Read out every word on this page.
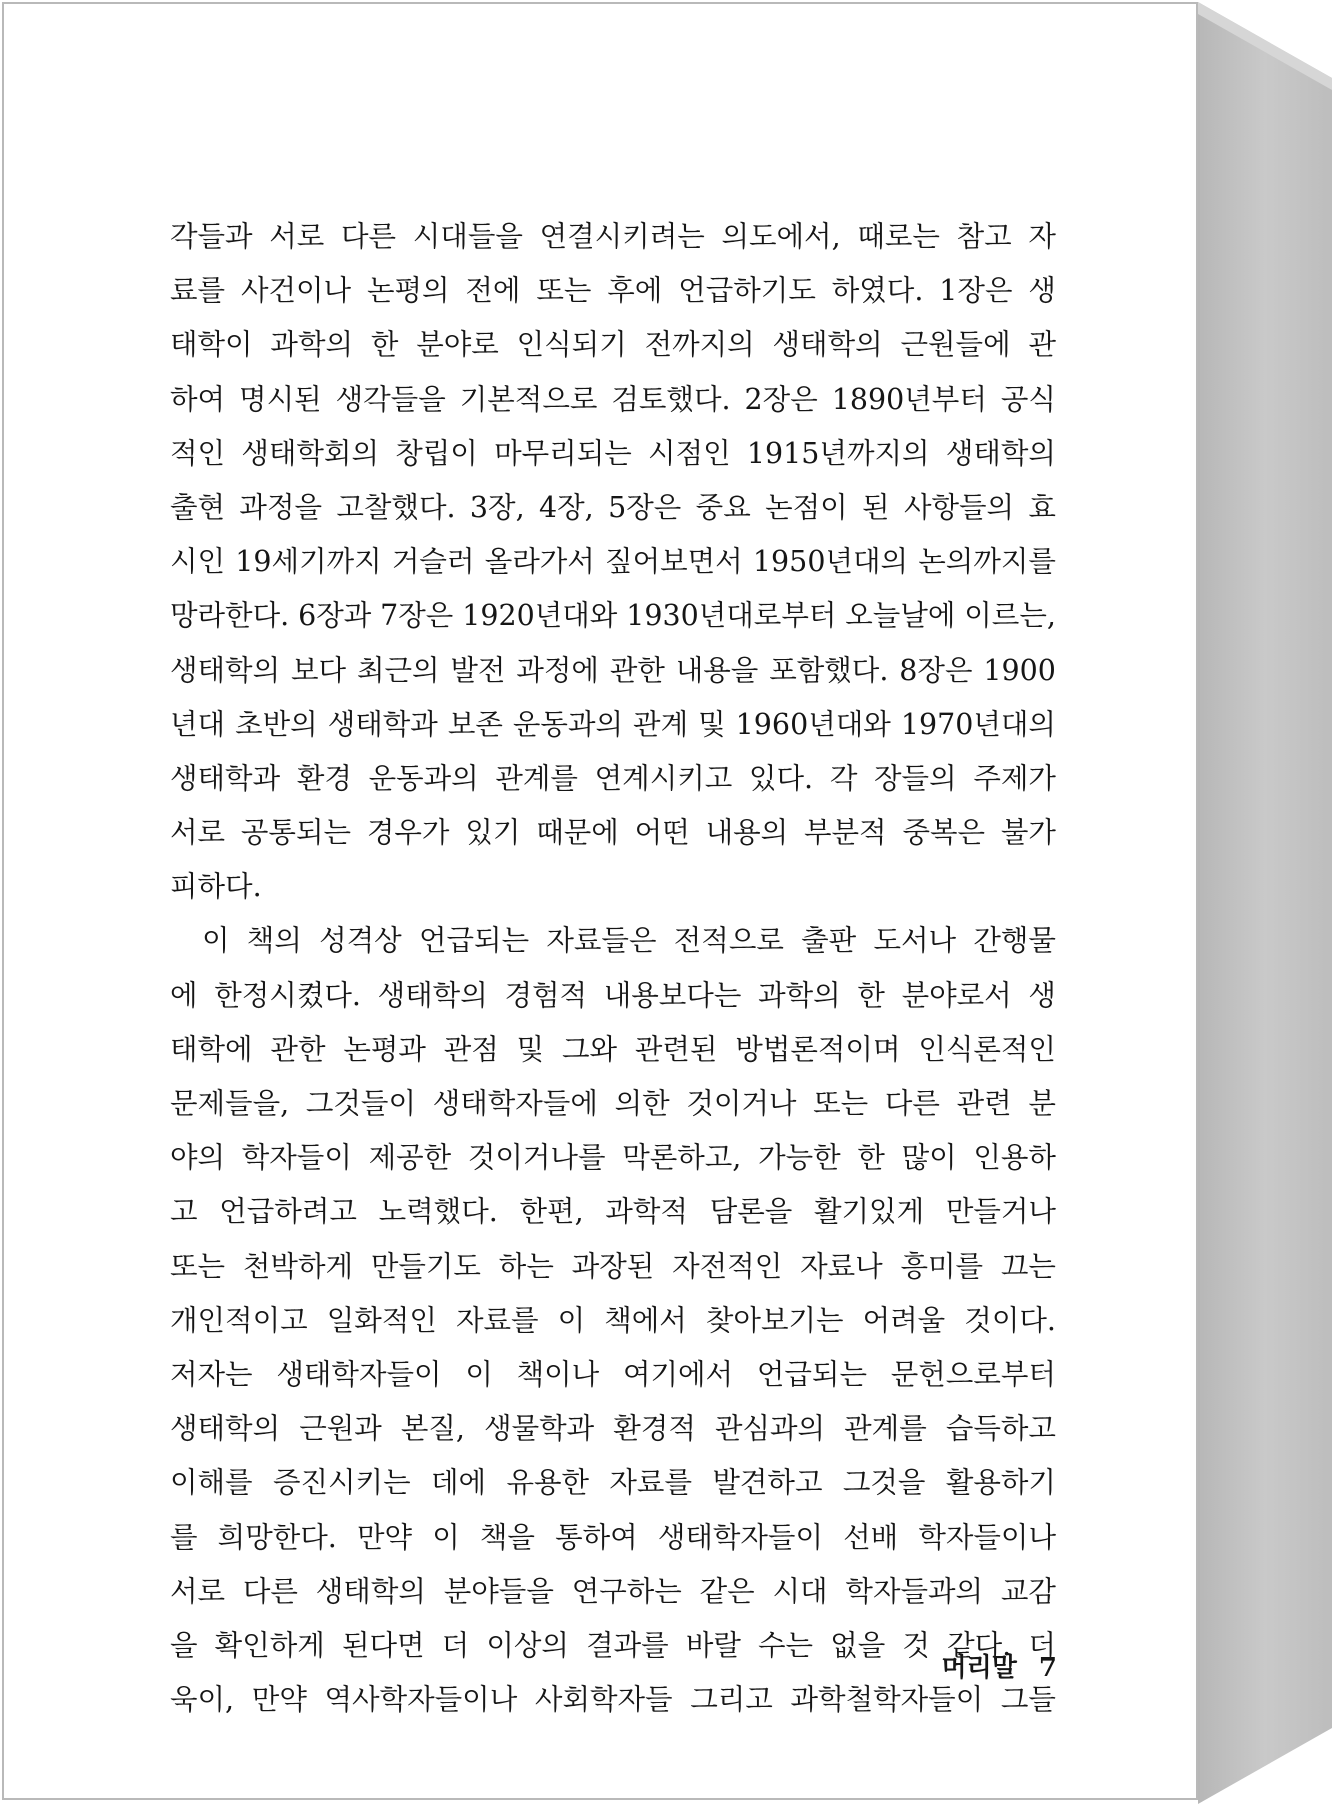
각들과 서로 다른 시대들을 연결시키려는 의도에서, 때로는 참고 자
료를 사건이나 논평의 전에 또는 후에 언급하기도 하였다. 1장은 생
태학이 과학의 한 분야로 인식되기 전까지의 생태학의 근원들에 관
하여 명시된 생각들을 기본적으로 검토했다. 2장은 1890년부터 공식
적인 생태학회의 창립이 마무리되는 시점인 1915년까지의 생태학의
출현 과정을 고찰했다. 3장, 4장, 5장은 중요 논점이 된 사항들의 효
시인 19세기까지 거슬러 올라가서 짚어보면서 1950년대의 논의까지를
망라한다. 6장과 7장은 1920년대와 1930년대로부터 오늘날에 이르는,
생태학의 보다 최근의 발전 과정에 관한 내용을 포함했다. 8장은 1900
년대 초반의 생태학과 보존 운동과의 관계 및 1960년대와 1970년대의
생태학과 환경 운동과의 관계를 연계시키고 있다. 각 장들의 주제가
서로 공통되는 경우가 있기 때문에 어떤 내용의 부분적 중복은 불가
피하다.
이 책의 성격상 언급되는 자료들은 전적으로 출판 도서나 간행물
에 한정시켰다. 생태학의 경험적 내용보다는 과학의 한 분야로서 생
태학에 관한 논평과 관점 및 그와 관련된 방법론적이며 인식론적인
문제들을, 그것들이 생태학자들에 의한 것이거나 또는 다른 관련 분
야의 학자들이 제공한 것이거나를 막론하고, 가능한 한 많이 인용하
고 언급하려고 노력했다. 한편, 과학적 담론을 활기있게 만들거나
또는 천박하게 만들기도 하는 과장된 자전적인 자료나 흥미를 끄는
개인적이고 일화적인 자료를 이 책에서 찾아보기는 어려울 것이다.
저자는 생태학자들이 이 책이나 여기에서 언급되는 문헌으로부터
생태학의 근원과 본질, 생물학과 환경적 관심과의 관계를 습득하고
이해를 증진시키는 데에 유용한 자료를 발견하고 그것을 활용하기
를 희망한다. 만약 이 책을 통하여 생태학자들이 선배 학자들이나
서로 다른 생태학의 분야들을 연구하는 같은 시대 학자들과의 교감
을 확인하게 된다면 더 이상의 결과를 바랄 수는 없을 것 같다. 더
욱이, 만약 역사학자들이나 사회학자들 그리고 과학철학자들이 그들
머리말 7
